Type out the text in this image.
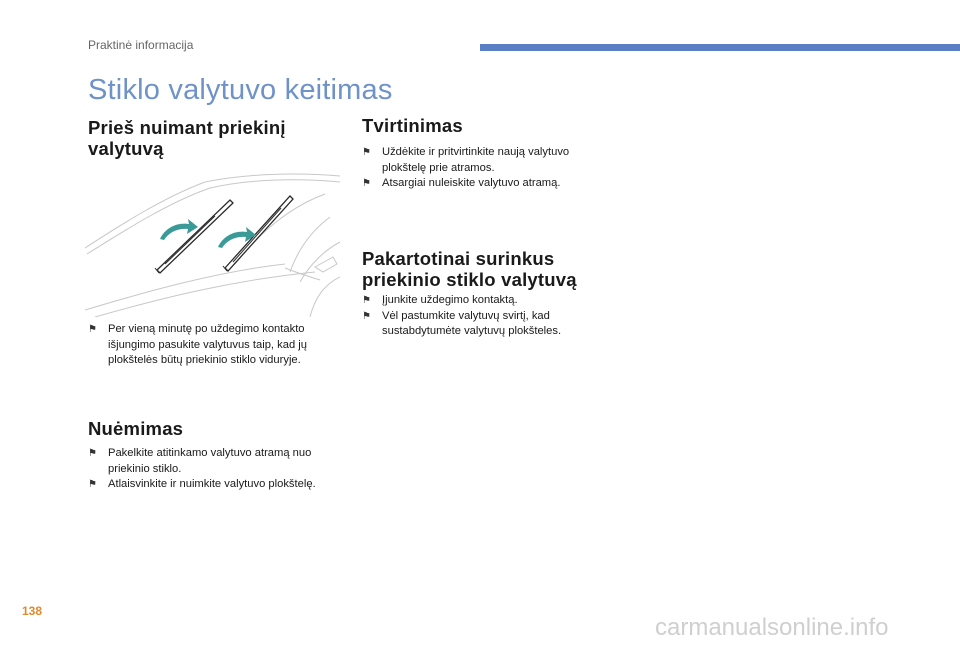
Praktinė informacija
Stiklo valytuvo keitimas
Prieš nuimant priekinį
valytuvą
⚑ Per vieną minutę po uždegimo kontakto
išjungimo pasukite valytuvus taip, kad jų
plokštelės būtų priekinio stiklo viduryje.
Nuėmimas
⚑ Pakelkite atitinkamo valytuvo atramą nuo
priekinio stiklo.
⚑ Atlaisvinkite ir nuimkite valytuvo plokštelę.
Tvirtinimas
⚑ Uždėkite ir pritvirtinkite naują valytuvo
plokštelę prie atramos.
⚑ Atsargiai nuleiskite valytuvo atramą.
Pakartotinai surinkus
priekinio stiklo valytuvą
⚑ Įjunkite uždegimo kontaktą.
⚑ Vėl pastumkite valytuvų svirtį, kad
sustabdytumėte valytuvų plokšteles.
138
carmanualsonline.info
